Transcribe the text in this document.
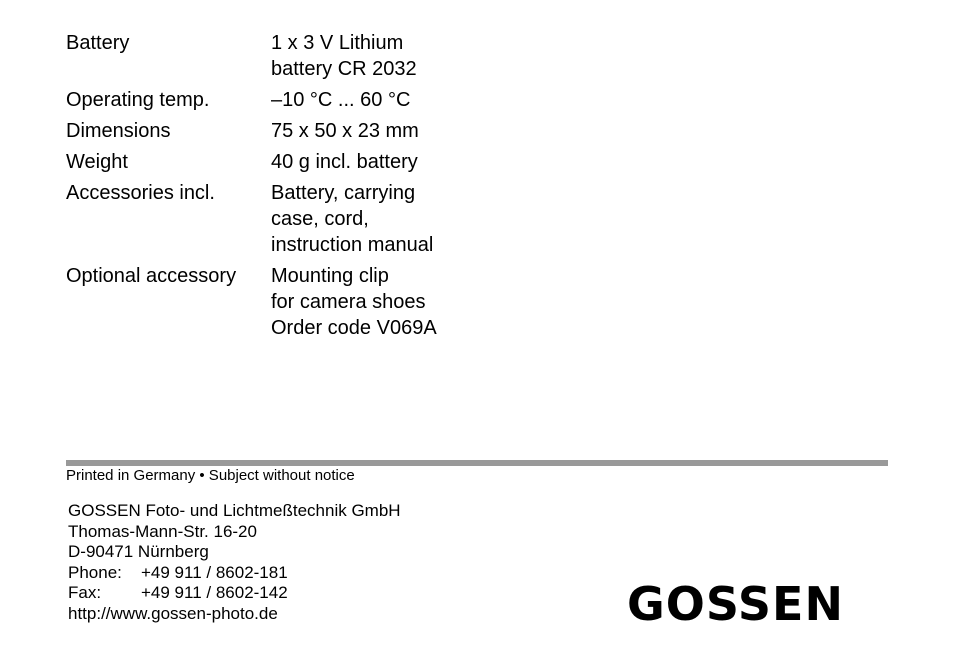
Battery	1 x 3 V Lithium
battery CR 2032
Operating temp.	–10 °C ... 60 °C
Dimensions	75 x 50 x 23 mm
Weight	40 g incl. battery
Accessories incl.	Battery, carrying
case, cord,
instruction manual
Optional accessory	Mounting clip
for camera shoes
Order code V069A
Printed in Germany • Subject without notice
GOSSEN Foto- und Lichtmeßtechnik GmbH
Thomas-Mann-Str. 16-20
D-90471 Nürnberg
Phone:	+49 911 / 8602-181
Fax:	+49 911 / 8602-142
http://www.gossen-photo.de	GOSSEN
